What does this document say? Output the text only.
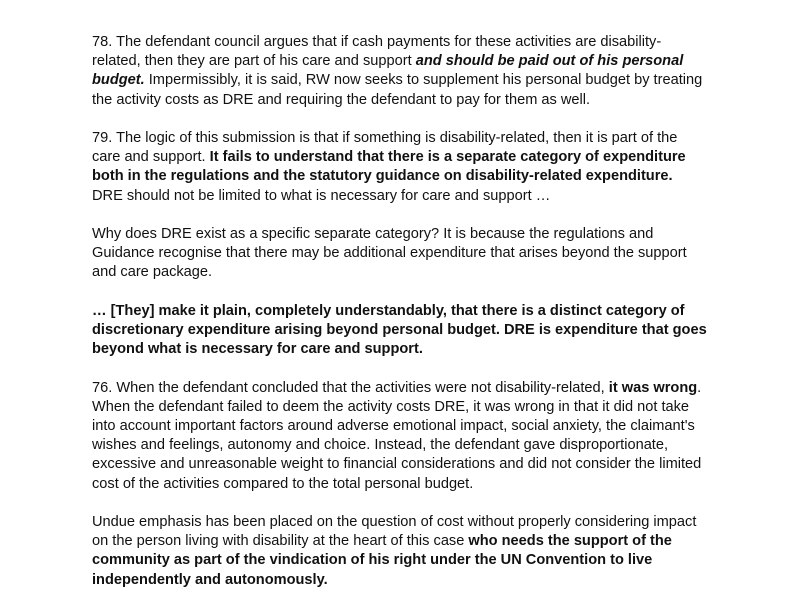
78. The defendant council argues that if cash payments for these activities are disability-related, then they are part of his care and support and should be paid out of his personal budget. Impermissibly, it is said, RW now seeks to supplement his personal budget by treating the activity costs as DRE and requiring the defendant to pay for them as well.

79. The logic of this submission is that if something is disability-related, then it is part of the care and support. It fails to understand that there is a separate category of expenditure both in the regulations and the statutory guidance on disability-related expenditure. DRE should not be limited to what is necessary for care and support …

Why does DRE exist as a specific separate category? It is because the regulations and Guidance recognise that there may be additional expenditure that arises beyond the support and care package.

… [They] make it plain, completely understandably, that there is a distinct category of discretionary expenditure arising beyond personal budget. DRE is expenditure that goes beyond what is necessary for care and support.

76. When the defendant concluded that the activities were not disability-related, it was wrong. When the defendant failed to deem the activity costs DRE, it was wrong in that it did not take into account important factors around adverse emotional impact, social anxiety, the claimant's wishes and feelings, autonomy and choice. Instead, the defendant gave disproportionate, excessive and unreasonable weight to financial considerations and did not consider the limited cost of the activities compared to the total personal budget.

Undue emphasis has been placed on the question of cost without properly considering impact on the person living with disability at the heart of this case who needs the support of the community as part of the vindication of his right under the UN Convention to live independently and autonomously.
